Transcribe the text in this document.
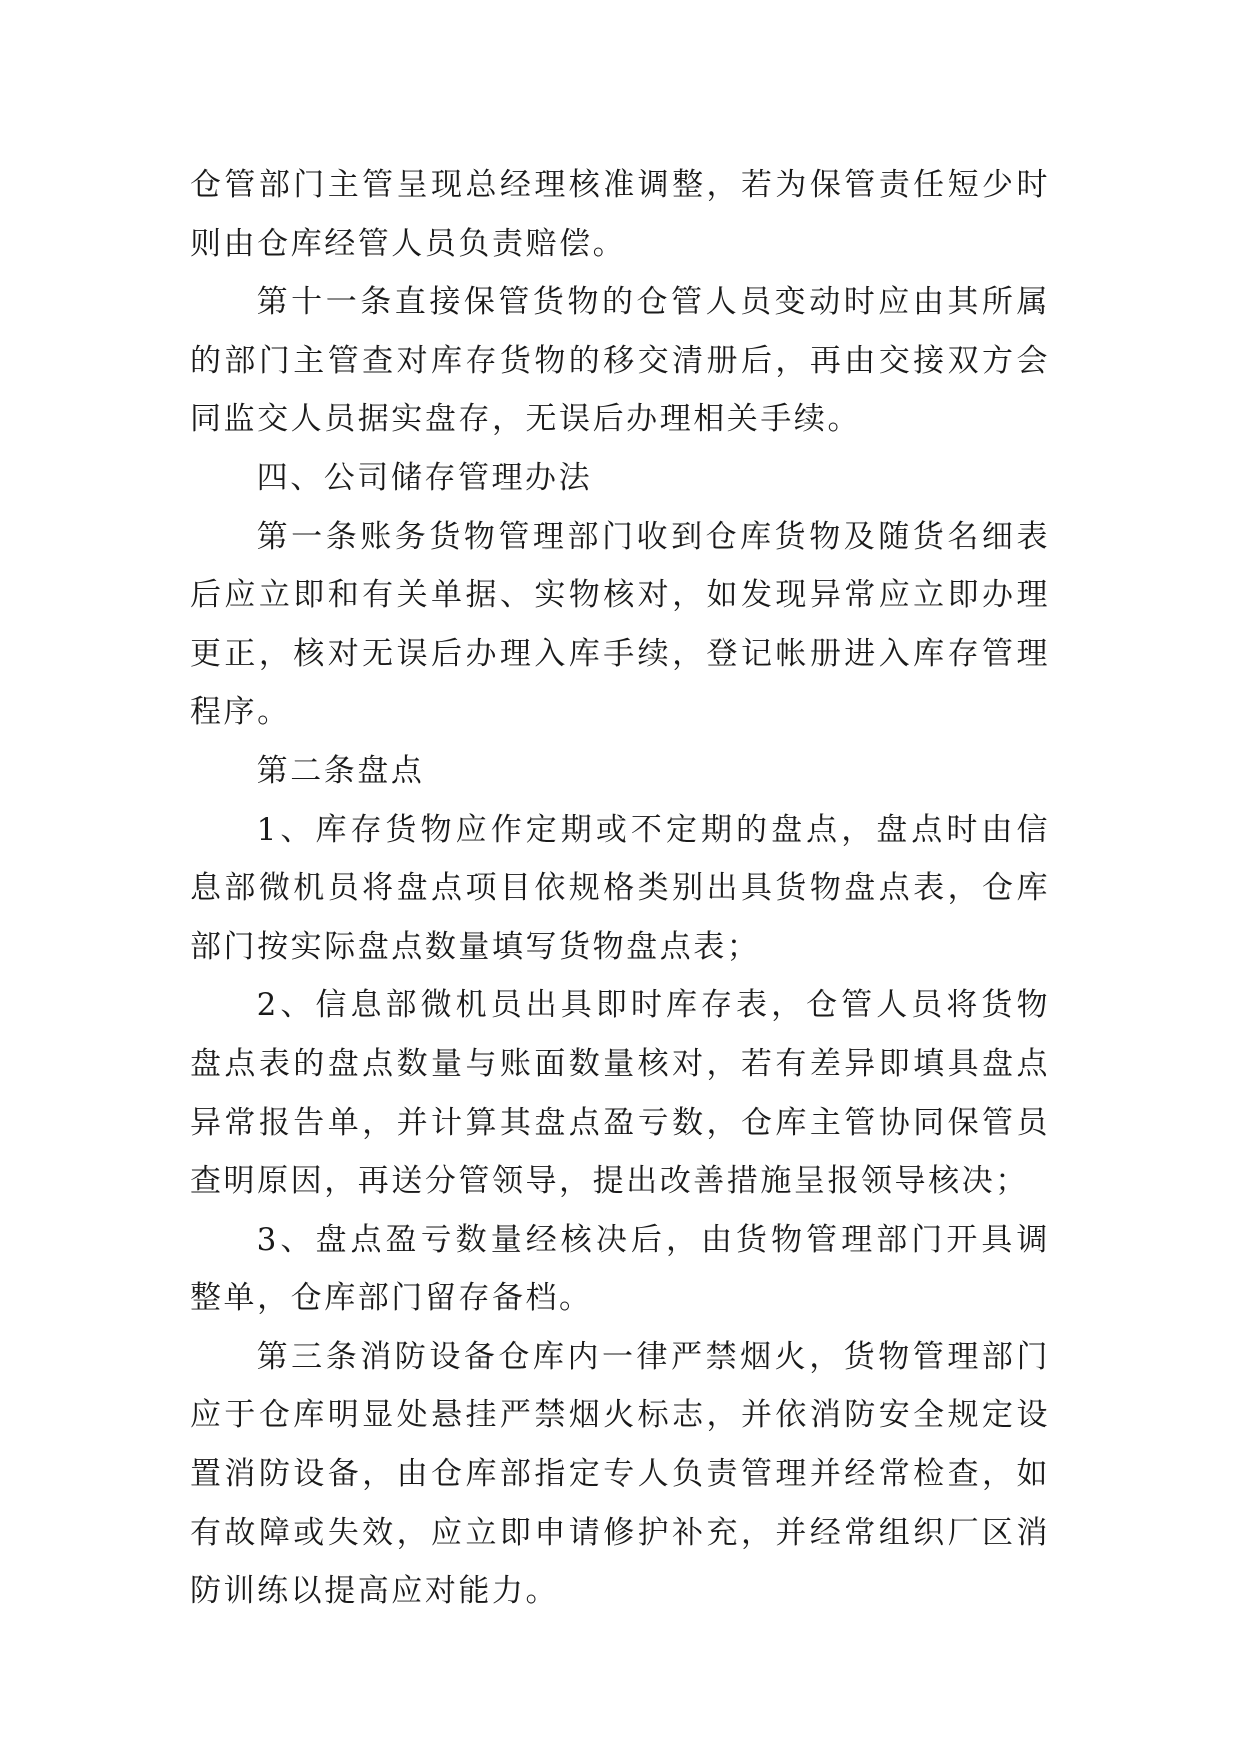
仓管部门主管呈现总经理核准调整，若为保管责任短少时则由仓库经管人员负责赔偿。

第十一条直接保管货物的仓管人员变动时应由其所属的部门主管查对库存货物的移交清册后，再由交接双方会同监交人员据实盘存，无误后办理相关手续。

四、公司储存管理办法

第一条账务货物管理部门收到仓库货物及随货名细表后应立即和有关单据、实物核对，如发现异常应立即办理更正，核对无误后办理入库手续，登记帐册进入库存管理程序。

第二条盘点

1、库存货物应作定期或不定期的盘点，盘点时由信息部微机员将盘点项目依规格类别出具货物盘点表，仓库部门按实际盘点数量填写货物盘点表；

2、信息部微机员出具即时库存表，仓管人员将货物盘点表的盘点数量与账面数量核对，若有差异即填具盘点异常报告单，并计算其盘点盈亏数，仓库主管协同保管员查明原因，再送分管领导，提出改善措施呈报领导核决；

3、盘点盈亏数量经核决后，由货物管理部门开具调整单，仓库部门留存备档。

第三条消防设备仓库内一律严禁烟火，货物管理部门应于仓库明显处悬挂严禁烟火标志，并依消防安全规定设置消防设备，由仓库部指定专人负责管理并经常检查，如有故障或失效，应立即申请修护补充，并经常组织厂区消防训练以提高应对能力。
